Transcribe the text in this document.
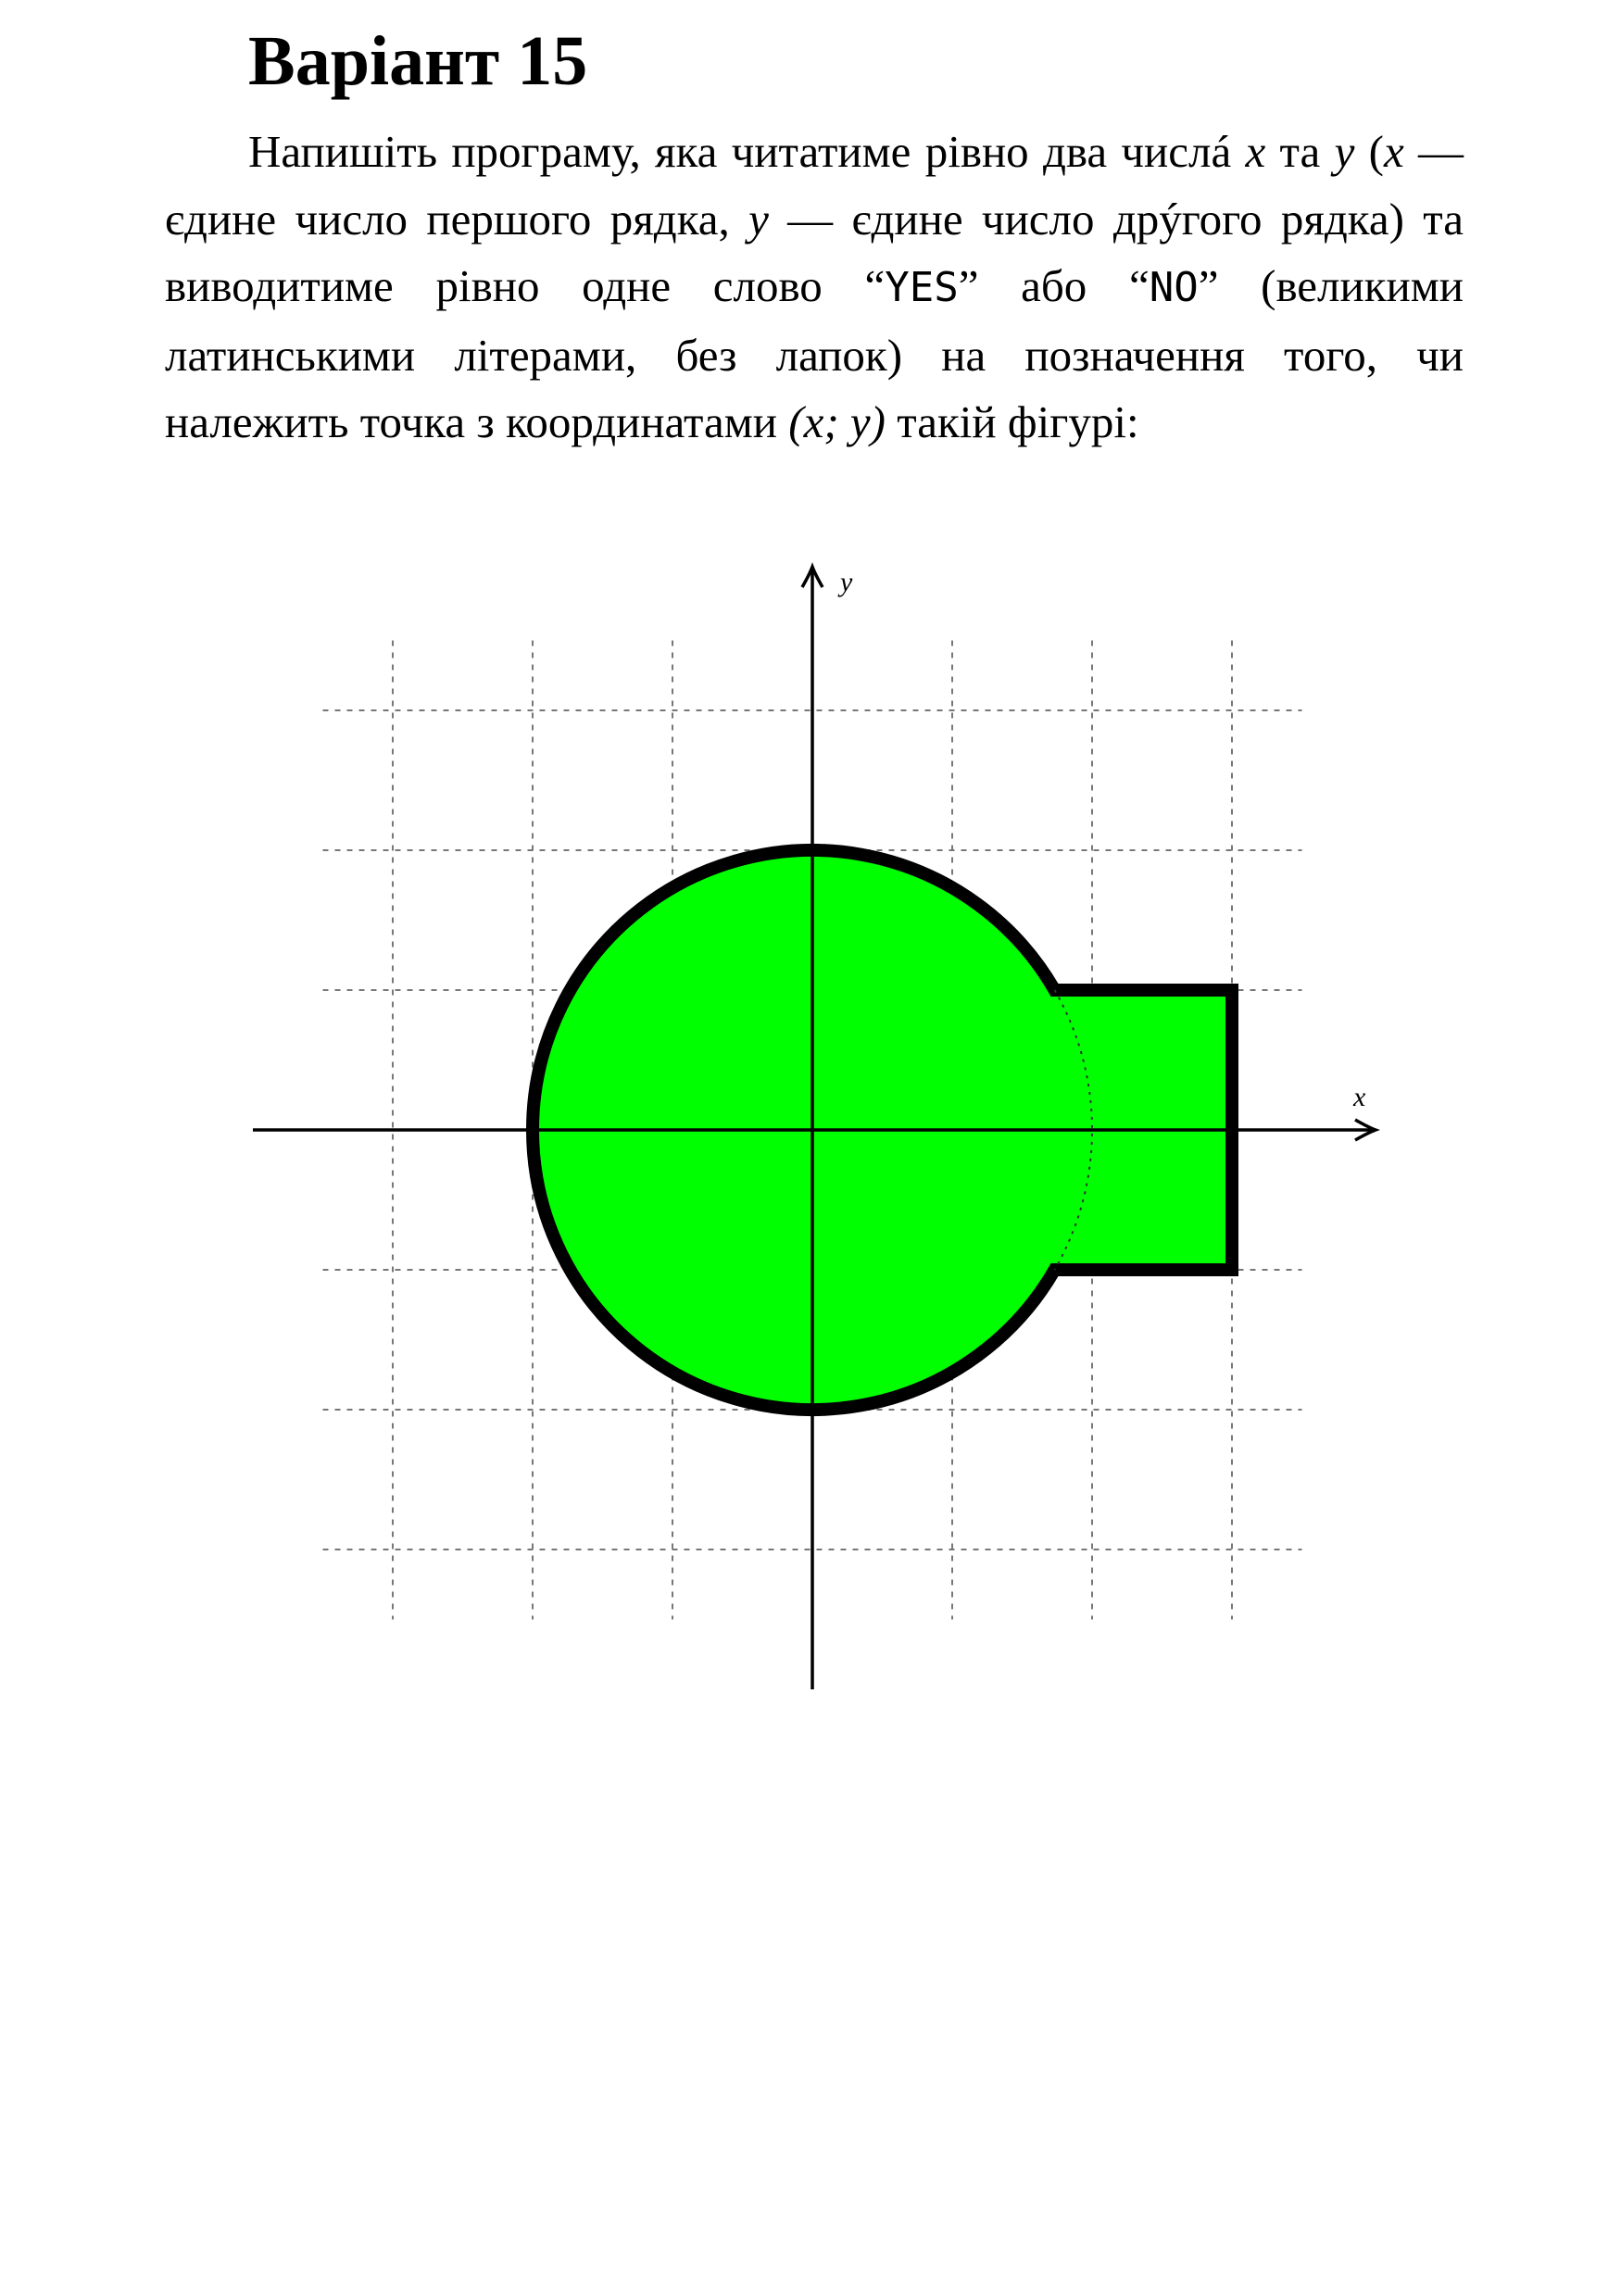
Варіант 15

Напишіть програму, яка читатиме рівно два числá x та y (x — єдине число першого рядка, y — єдине число дрýгого рядка) та виводитиме рівно одне слово “YES” або “NO” (великими латинськими літерами, без лапок) на позначення того, чи належить точка з координатами (x; y) такій фігурі:

x
y
